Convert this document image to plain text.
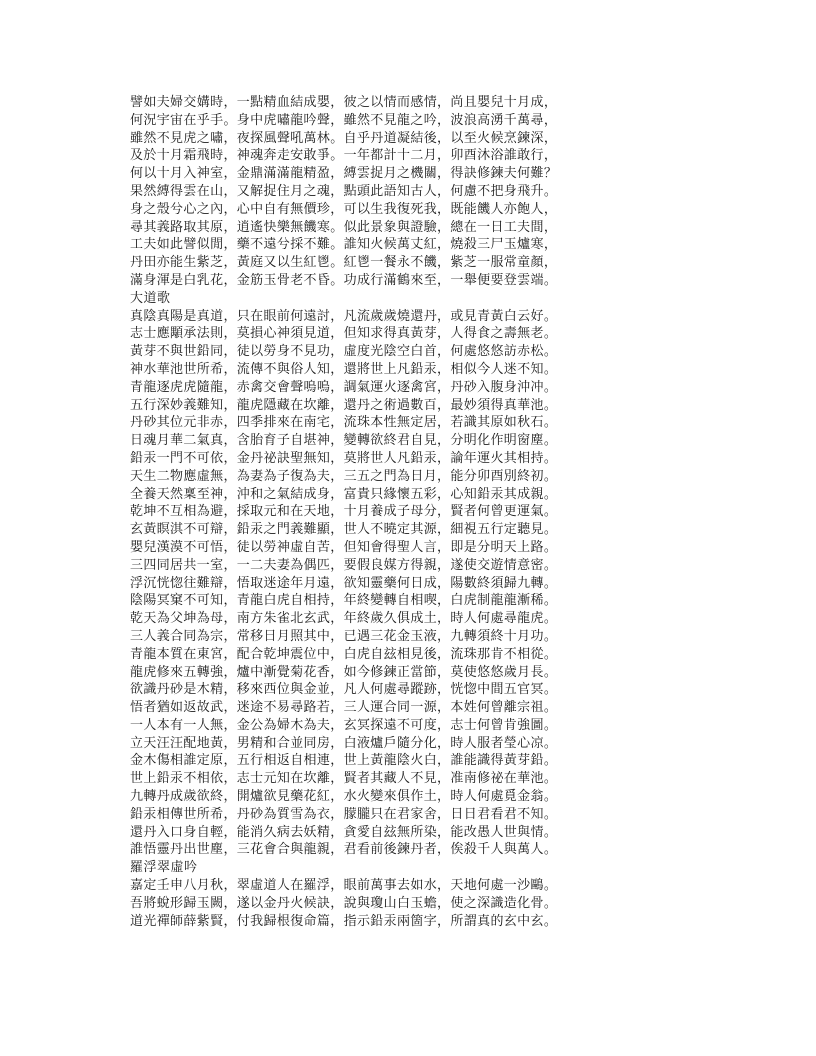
譬如夫婦交媾時，一點精血結成嬰，彼之以情而感情，尚且嬰兒十月成，
何況宇宙在乎手。身中虎嘯龍吟聲，雖然不見龍之吟，波浪高湧千萬尋，
雖然不見虎之嘯，夜探風聲吼萬林。自乎丹道凝結後，以至火候烹鍊深，
及於十月霜飛時，神魂奔走安敢爭。一年都計十二月，卯酉沐浴誰敢行，
何以十月入神室，金鼎滿滿龍精盈，縛雲捉月之機關，得訣修鍊夫何難？
果然縛得雲在山，又解捉住月之魂，點頭此語知古人，何慮不把身飛升。
身之殼兮心之內，心中自有無價珍，可以生我復死我，既能饑人亦飽人，
尋其義路取其原，逍遙快樂無饑寒。似此景象與證驗，總在一日工夫間，
工夫如此譬似閒，藥不遠兮採不難。誰知火候萬丈紅，燒殺三尸玉爐寒，
丹田亦能生紫芝，黃庭又以生紅鬯。紅鬯一餐永不饑，紫芝一服常童顏，
滿身渾是白乳花，金筋玉骨老不昏。功成行滿鶴來至，一舉便要登雲端。
大道歌
真陰真陽是真道，只在眼前何遠討，凡流歲歲燒還丹，或見青黃白云好。
志士應顒承法則，莫損心神須見道，但知求得真黃芽，人得食之壽無老。
黃芽不與世鉛同，徒以勞身不見功，虛度光陰空白首，何處悠悠訪赤松。
神水華池世所希，流傳不與俗人知，還將世上凡鉛汞，相似今人迷不知。
青龍逐虎虎隨龍，赤禽交會聲嗚嗚，調氣運火逐禽宮，丹砂入腹身沖冲。
五行深妙義難知，龍虎隱藏在坎離，還丹之術過數百，最妙須得真華池。
丹砂其位元非赤，四季排來在南宅，流珠本性無定居，若識其原如秋石。
日魂月華二氣真，含胎育子自堪神，變轉欲終君自見，分明化作明窗塵。
鉛汞一門不可依，金丹祕訣聖無知，莫將世人凡鉛汞，論年運火其相持。
天生二物應虛無，為妻為子復為夫，三五之門為日月，能分卯酉別終初。
全養天然稟至神，沖和之氣結成身，富貴只緣懷五彩，心知鉛汞其成親。
乾坤不互相為避，採取元和在天地，十月養成子母分，賢者何曾更運氣。
玄黃瞑淇不可辯，鉛汞之門義難顯，世人不曉定其源，細視五行定聽見。
嬰兒漢漠不可悟，徒以勞神虛自苦，但知會得聖人言，即是分明天上路。
三四同居共一室，一二夫妻為偶匹，要假良媒方得親，遂使交遊情意密。
浮沉恍惚往難辯，悟取迷途年月遠，欲知靈藥何日成，陽數終須歸九轉。
陰陽冥窠不可知，青龍白虎自相持，年終變轉自相喫，白虎制龍龍漸稀。
乾天為父坤為母，南方朱雀北玄武，年終歲久俱成土，時人何處尋龍虎。
三人義合同為宗，常移日月照其中，已遇三花金玉液，九轉須終十月功。
青龍本質在東宮，配合乾坤震位中，白虎自玆相見後，流珠那肯不相從。
龍虎修來五轉強，爐中漸覺菊花香，如今修鍊正當節，莫使悠悠歲月長。
欲識丹砂是木精，移來西位與金並，凡人何處尋蹤跡，恍惚中間五官冥。
悟者猶如返故武，迷途不易尋路若，三人運合同一源，本姓何曾離宗祖。
一人本有一人無，金公為婦木為夫，玄冥探遠不可度，志士何曾肯強圖。
立天汪汪配地黃，男精和合並同房，白液爐戶隨分化，時人服者瑩心凉。
金木傷相誰定原，五行相返自相連，世上黃龍陰火白，誰能識得黃芽鉛。
世上鉛汞不相依，志士元知在坎離，賢者其藏人不見，准南修祕在華池。
九轉丹成歲欲終，開爐欲見藥花紅，水火變來俱作土，時人何處覓金翁。
鉛汞相傳世所希，丹砂為質雪為衣，朦朧只在君家舍，日日君看君不知。
還丹入口身自輕，能消久病去妖精，貪愛自玆無所染，能改愚人世與情。
誰悟靈丹出世塵，三花會合與龍親，君看前後鍊丹者，俟殺千人與萬人。
羅浮翠虛吟
嘉定壬申八月秋，翠虛道人在羅浮，眼前萬事去如水，天地何處一沙鷗。
吾將蛻形歸玉闕，遂以金丹火候訣，說與瓊山白玉蟾，使之深識造化骨。
道光禪師薛紫賢，付我歸根復命篇，指示鉛汞兩箇字，所謂真的玄中玄。
